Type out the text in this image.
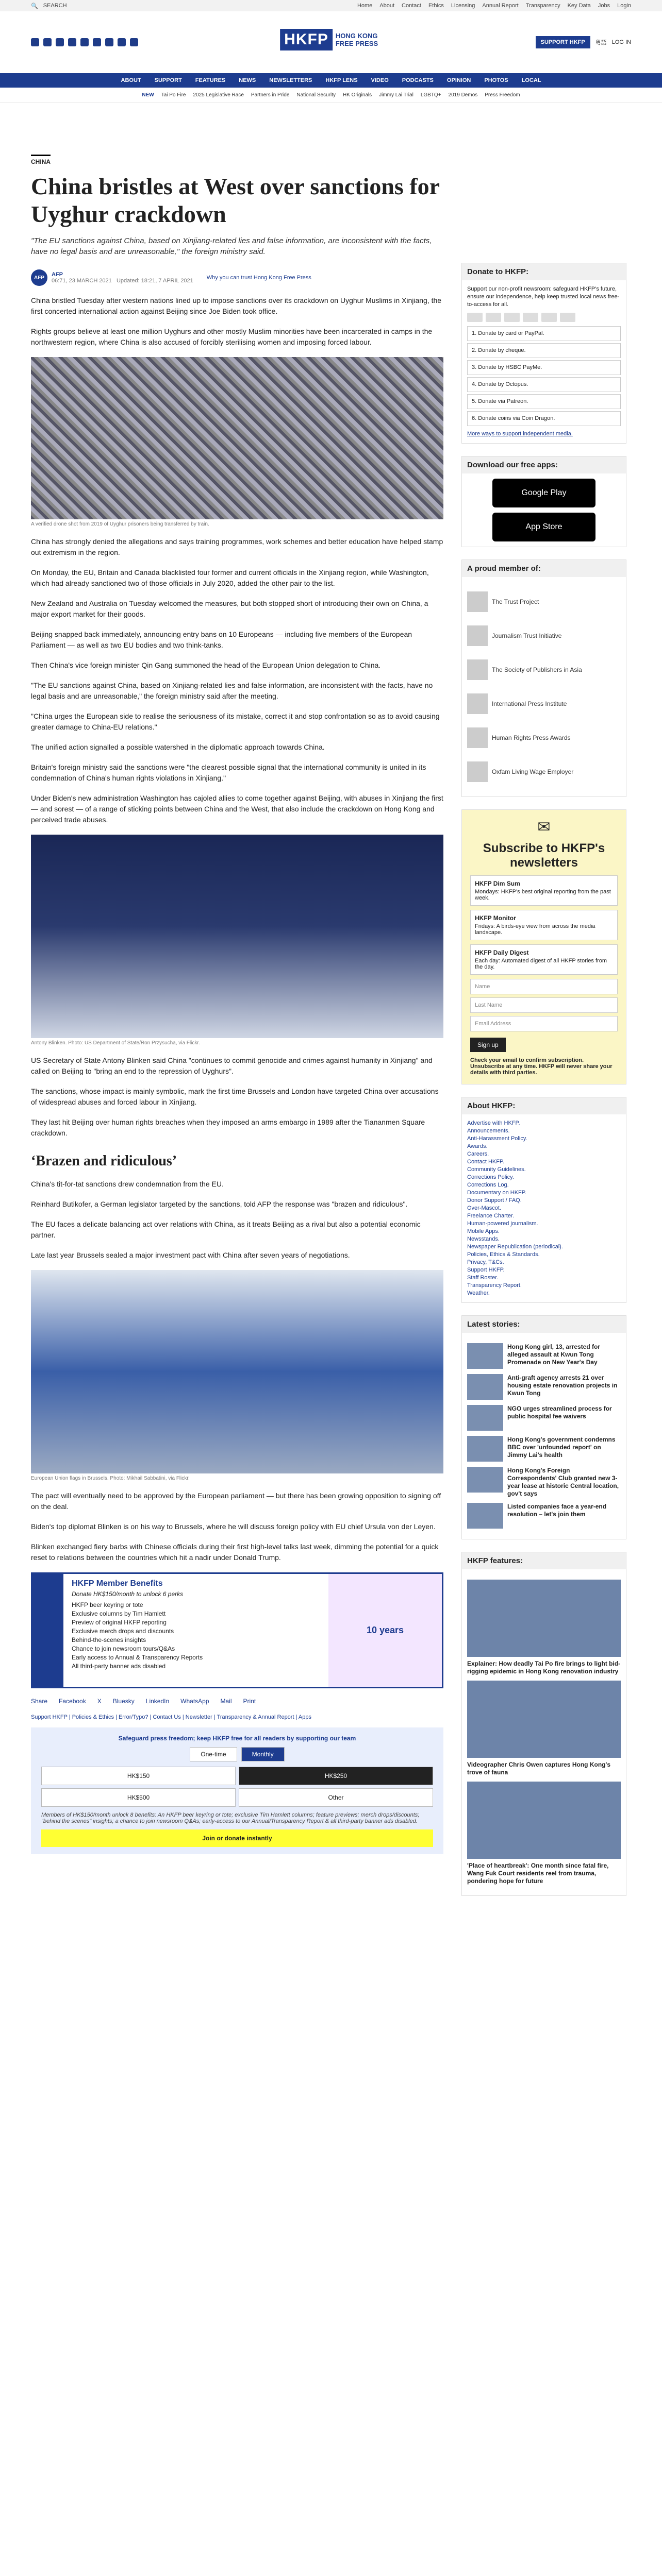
🔍 SEARCH	Home About Contact Ethics Licensing Annual Report Transparency Key Data Jobs Login
HKFP	HONG KONG FREE PRESS	SUPPORT HKFP	粵語 LOG IN
ABOUT SUPPORT FEATURES NEWS NEWSLETTERS HKFP LENS VIDEO PODCASTS OPINION PHOTOS LOCAL
NEW Tai Po Fire 2025 Legislative Race Partners in Pride National Security HK Originals Jimmy Lai Trial LGBTQ+ 2019 Demos Press Freedom
CHINA
China bristles at West over sanctions for Uyghur crackdown
"The EU sanctions against China, based on Xinjiang-related lies and false information, are inconsistent with the facts, have no legal basis and are unreasonable," the foreign ministry said.
AFP	AFP
06:71, 23 MARCH 2021 Updated: 18:21, 7 APRIL 2021 Why you can trust Hong Kong Free Press

China bristled Tuesday after western nations lined up to impose sanctions over its crackdown on Uyghur Muslims in Xinjiang, the first concerted international action against Beijing since Joe Biden took office.

Rights groups believe at least one million Uyghurs and other mostly Muslim minorities have been incarcerated in camps in the northwestern region, where China is also accused of forcibly sterilising women and imposing forced labour.

A verified drone shot from 2019 of Uyghur prisoners being transferred by train.

China has strongly denied the allegations and says training programmes, work schemes and better education have helped stamp out extremism in the region.

On Monday, the EU, Britain and Canada blacklisted four former and current officials in the Xinjiang region, while Washington, which had already sanctioned two of those officials in July 2020, added the other pair to the list.

New Zealand and Australia on Tuesday welcomed the measures, but both stopped short of introducing their own on China, a major export market for their goods.

Beijing snapped back immediately, announcing entry bans on 10 Europeans — including five members of the European Parliament — as well as two EU bodies and two think-tanks.

Then China's vice foreign minister Qin Gang summoned the head of the European Union delegation to China.

"The EU sanctions against China, based on Xinjiang-related lies and false information, are inconsistent with the facts, have no legal basis and are unreasonable," the foreign ministry said after the meeting.

"China urges the European side to realise the seriousness of its mistake, correct it and stop confrontation so as to avoid causing greater damage to China-EU relations."

The unified action signalled a possible watershed in the diplomatic approach towards China.

Britain's foreign ministry said the sanctions were "the clearest possible signal that the international community is united in its condemnation of China's human rights violations in Xinjiang."

Under Biden's new administration Washington has cajoled allies to come together against Beijing, with abuses in Xinjiang the first — and sorest — of a range of sticking points between China and the West, that also include the crackdown on Hong Kong and perceived trade abuses.

Antony Blinken. Photo: US Department of State/Ron Przysucha, via Flickr.

US Secretary of State Antony Blinken said China "continues to commit genocide and crimes against humanity in Xinjiang" and called on Beijing to "bring an end to the repression of Uyghurs".

The sanctions, whose impact is mainly symbolic, mark the first time Brussels and London have targeted China over accusations of widespread abuses and forced labour in Xinjiang.

They last hit Beijing over human rights breaches when they imposed an arms embargo in 1989 after the Tiananmen Square crackdown.

‘Brazen and ridiculous’

China's tit-for-tat sanctions drew condemnation from the EU.

Reinhard Butikofer, a German legislator targeted by the sanctions, told AFP the response was "brazen and ridiculous".

The EU faces a delicate balancing act over relations with China, as it treats Beijing as a rival but also a potential economic partner.

Late last year Brussels sealed a major investment pact with China after seven years of negotiations.

European Union flags in Brussels. Photo: Mikhail Sabbatini, via Flickr.

The pact will eventually need to be approved by the European parliament — but there has been growing opposition to signing off on the deal.

Biden's top diplomat Blinken is on his way to Brussels, where he will discuss foreign policy with EU chief Ursula von der Leyen.

Blinken exchanged fiery barbs with Chinese officials during their first high-level talks last week, dimming the potential for a quick reset to relations between the countries which hit a nadir under Donald Trump.

HKFP Member Benefits
Donate HK$150/month to unlock 6 perks
HKFP beer keyring or tote
Exclusive columns by Tim Hamlett
Preview of original HKFP reporting
Exclusive merch drops and discounts
Behind-the-scenes insights
Chance to join newsroom tours/Q&As
Early access to Annual & Transparency Reports
All third-party banner ads disabled
10 years
Share Facebook X Bluesky LinkedIn WhatsApp Mail Print
Support HKFP | Policies & Ethics | Error/Typo? | Contact Us | Newsletter | Transparency & Annual Report | Apps
Safeguard press freedom; keep HKFP free for all readers by supporting our team
One-time	Monthly
HK$150	HK$250
HK$500	Other
Members of HK$150/month unlock 8 benefits: An HKFP beer keyring or tote; exclusive Tim Hamlett columns; feature previews; merch drops/discounts; "behind the scenes" insights; a chance to join newsroom Q&As; early-access to our Annual/Transparency Report & all third-party banner ads disabled.
Join or donate instantly
Donate to HKFP:
Support our non-profit newsroom: safeguard HKFP's future, ensure our independence, help keep trusted local news free-to-access for all.
1. Donate by card or PayPal.
2. Donate by cheque.
3. Donate by HSBC PayMe.
4. Donate by Octopus.
5. Donate via Patreon.
6. Donate coins via Coin Dragon.
More ways to support independent media.
Download our free apps:
Google Play
App Store
A proud member of:
The Trust Project
Journalism Trust Initiative
The Society of Publishers in Asia
International Press Institute
Human Rights Press Awards
Oxfam Living Wage Employer
✉
Subscribe to HKFP's newsletters
HKFP Dim Sum
Mondays: HKFP's best original reporting from the past week.
HKFP Monitor
Fridays: A birds-eye view from across the media landscape.
HKFP Daily Digest
Each day: Automated digest of all HKFP stories from the day.
Name
Last Name
Email Address
Sign up
Check your email to confirm subscription. Unsubscribe at any time. HKFP will never share your details with third parties.
About HKFP:
Advertise with HKFP.
Announcements.
Anti-Harassment Policy.
Awards.
Careers.
Contact HKFP.
Community Guidelines.
Corrections Policy.
Corrections Log.
Documentary on HKFP.
Donor Support / FAQ.
Over-Mascot.
Freelance Charter.
Human-powered journalism.
Mobile Apps.
Newsstands.
Newspaper Republication (periodical).
Policies, Ethics & Standards.
Privacy, T&Cs.
Support HKFP.
Staff Roster.
Transparency Report.
Weather.
Latest stories:
Hong Kong girl, 13, arrested for alleged assault at Kwun Tong Promenade on New Year's Day
Anti-graft agency arrests 21 over housing estate renovation projects in Kwun Tong
NGO urges streamlined process for public hospital fee waivers
Hong Kong's government condemns BBC over 'unfounded report' on Jimmy Lai's health
Hong Kong's Foreign Correspondents' Club granted new 3-year lease at historic Central location, gov't says
Listed companies face a year-end resolution – let's join them
HKFP features:
Explainer: How deadly Tai Po fire brings to light bid-rigging epidemic in Hong Kong renovation industry
Videographer Chris Owen captures Hong Kong's trove of fauna
'Place of heartbreak': One month since fatal fire, Wang Fuk Court residents reel from trauma, pondering hope for future
